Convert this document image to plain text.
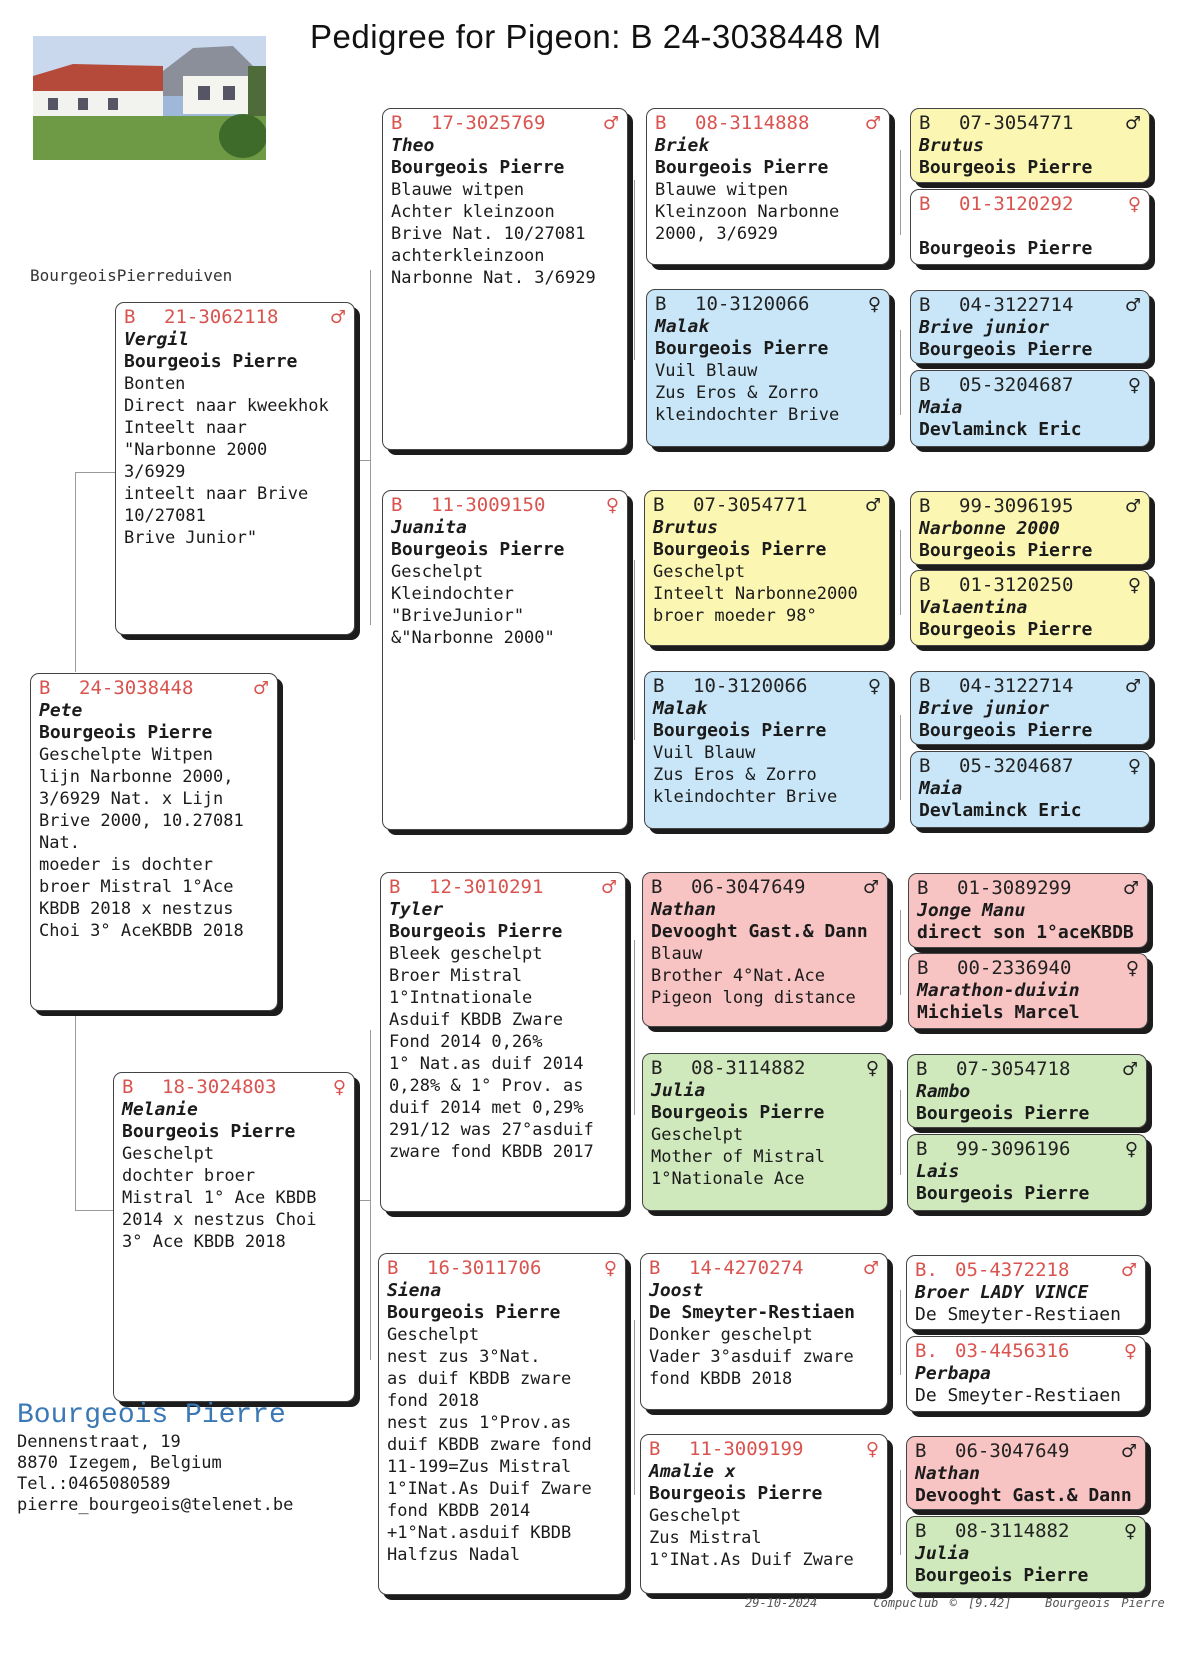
Pedigree for Pigeon: B 24-3038448 M
BourgeoisPierreduiven
B	24-3038448	♂
Pete
Bourgeois Pierre
Geschelpte Witpen
lijn Narbonne 2000,
3/6929 Nat. x Lijn
Brive 2000, 10.27081
Nat.
moeder is dochter
broer Mistral 1°Ace
KBDB 2018 x nestzus
Choi 3° AceKBDB 2018
B	21-3062118	♂
Vergil
Bourgeois Pierre
Bonten
Direct naar kweekhok
Inteelt naar
"Narbonne 2000
3/6929
inteelt naar Brive
10/27081
Brive Junior"
B	18-3024803	♀
Melanie
Bourgeois Pierre
Geschelpt
dochter broer
Mistral 1° Ace KBDB
2014 x nestzus Choi
3° Ace KBDB 2018
B	17-3025769	♂
Theo
Bourgeois Pierre
Blauwe witpen
Achter kleinzoon
Brive Nat. 10/27081
achterkleinzoon
Narbonne Nat. 3/6929
B	11-3009150	♀
Juanita
Bourgeois Pierre
Geschelpt
Kleindochter
"BriveJunior"
&"Narbonne 2000"
B	12-3010291	♂
Tyler
Bourgeois Pierre
Bleek geschelpt
Broer Mistral
1°Intnationale
Asduif KBDB Zware
Fond 2014 0,26%
1° Nat.as duif 2014
0,28% & 1° Prov. as
duif 2014 met 0,29%
291/12 was 27°asduif
zware fond KBDB 2017
B	16-3011706	♀
Siena
Bourgeois Pierre
Geschelpt
nest zus 3°Nat.
as duif KBDB zware
fond 2018
nest zus 1°Prov.as
duif KBDB zware fond
11-199=Zus Mistral
1°INat.As Duif Zware
fond KBDB 2014
+1°Nat.asduif KBDB
Halfzus Nadal
B	08-3114888	♂
Briek
Bourgeois Pierre
Blauwe witpen
Kleinzoon Narbonne
2000, 3/6929
B	10-3120066	♀
Malak
Bourgeois Pierre
Vuil Blauw
Zus Eros & Zorro
kleindochter Brive
B	07-3054771	♂
Brutus
Bourgeois Pierre
Geschelpt
Inteelt Narbonne2000
broer moeder 98°
B	10-3120066	♀
Malak
Bourgeois Pierre
Vuil Blauw
Zus Eros & Zorro
kleindochter Brive
B	06-3047649	♂
Nathan
Devooght Gast.& Dann
Blauw
Brother 4°Nat.Ace
Pigeon long distance
B	08-3114882	♀
Julia
Bourgeois Pierre
Geschelpt
Mother of Mistral
1°Nationale Ace
B	14-4270274	♂
Joost
De Smeyter-Restiaen
Donker geschelpt
Vader 3°asduif zware
fond KBDB 2018
B	11-3009199	♀
Amalie x
Bourgeois Pierre
Geschelpt
Zus Mistral
1°INat.As Duif Zware
B	07-3054771	♂
Brutus
Bourgeois Pierre
B	01-3120292	♀
Bourgeois Pierre
B	04-3122714	♂
Brive junior
Bourgeois Pierre
B	05-3204687	♀
Maia
Devlaminck Eric
B	99-3096195	♂
Narbonne 2000
Bourgeois Pierre
B	01-3120250	♀
Valaentina
Bourgeois Pierre
B	04-3122714	♂
Brive junior
Bourgeois Pierre
B	05-3204687	♀
Maia
Devlaminck Eric
B	01-3089299	♂
Jonge Manu
direct son 1°aceKBDB
B	00-2336940	♀
Marathon-duivin
Michiels Marcel
B	07-3054718	♂
Rambo
Bourgeois Pierre
B	99-3096196	♀
Lais
Bourgeois Pierre
B. 05-4372218	♂
Broer LADY VINCE
De Smeyter-Restiaen
B. 03-4456316	♀
Perbapa
De Smeyter-Restiaen
B	06-3047649	♂
Nathan
Devooght Gast.& Dann
B	08-3114882	♀
Julia
Bourgeois Pierre
Bourgeois Pierre
Dennenstraat, 19
8870 Izegem, Belgium
Tel.:0465080589
pierre_bourgeois@telenet.be
29-10-2024	Compuclub © [9.42]	Bourgeois Pierre
